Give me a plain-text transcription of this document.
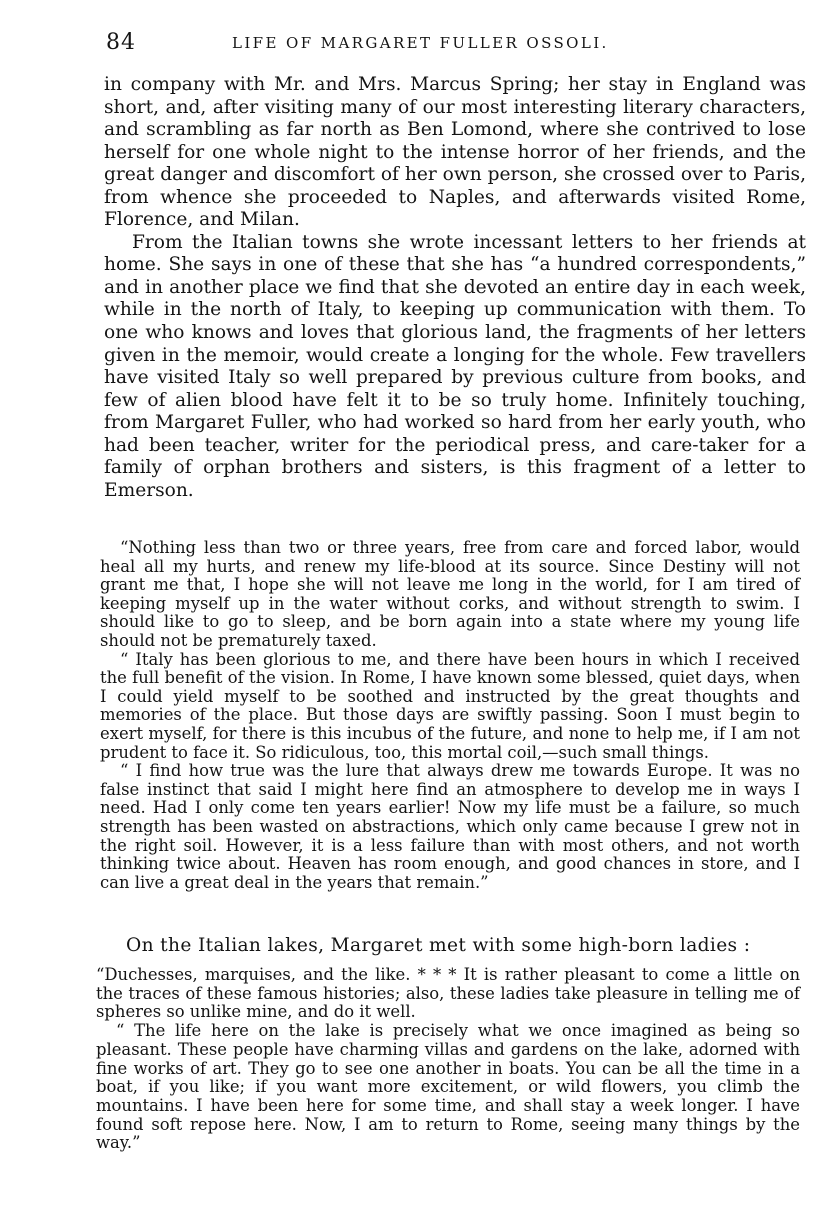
84	LIFE OF MARGARET FULLER OSSOLI.

in company with Mr. and Mrs. Marcus Spring; her stay in England was short, and, after visiting many of our most interesting literary characters, and scrambling as far north as Ben Lomond, where she contrived to lose herself for one whole night to the intense horror of her friends, and the great danger and discomfort of her own person, she crossed over to Paris, from whence she proceeded to Naples, and afterwards visited Rome, Florence, and Milan.

From the Italian towns she wrote incessant letters to her friends at home. She says in one of these that she has “a hundred correspondents,” and in another place we find that she devoted an entire day in each week, while in the north of Italy, to keeping up communication with them. To one who knows and loves that glorious land, the fragments of her letters given in the memoir, would create a longing for the whole. Few travellers have visited Italy so well prepared by previous culture from books, and few of alien blood have felt it to be so truly home. Infinitely touching, from Margaret Fuller, who had worked so hard from her early youth, who had been teacher, writer for the periodical press, and care-taker for a family of orphan brothers and sisters, is this fragment of a letter to Emerson.

“Nothing less than two or three years, free from care and forced labor, would heal all my hurts, and renew my life-blood at its source. Since Destiny will not grant me that, I hope she will not leave me long in the world, for I am tired of keeping myself up in the water without corks, and without strength to swim. I should like to go to sleep, and be born again into a state where my young life should not be prematurely taxed.

“ Italy has been glorious to me, and there have been hours in which I received the full benefit of the vision. In Rome, I have known some blessed, quiet days, when I could yield myself to be soothed and instructed by the great thoughts and memories of the place. But those days are swiftly passing. Soon I must begin to exert myself, for there is this incubus of the future, and none to help me, if I am not prudent to face it. So ridiculous, too, this mortal coil,—such small things.

“ I find how true was the lure that always drew me towards Europe. It was no false instinct that said I might here find an atmosphere to develop me in ways I need. Had I only come ten years earlier! Now my life must be a failure, so much strength has been wasted on abstractions, which only came because I grew not in the right soil. However, it is a less failure than with most others, and not worth thinking twice about. Heaven has room enough, and good chances in store, and I can live a great deal in the years that remain.”

On the Italian lakes, Margaret met with some high-born ladies :

“Duchesses, marquises, and the like. * * * It is rather pleasant to come a little on the traces of these famous histories; also, these ladies take pleasure in telling me of spheres so unlike mine, and do it well.

“ The life here on the lake is precisely what we once imagined as being so pleasant. These people have charming villas and gardens on the lake, adorned with fine works of art. They go to see one another in boats. You can be all the time in a boat, if you like; if you want more excitement, or wild flowers, you climb the mountains. I have been here for some time, and shall stay a week longer. I have found soft repose here. Now, I am to return to Rome, seeing many things by the way.”
